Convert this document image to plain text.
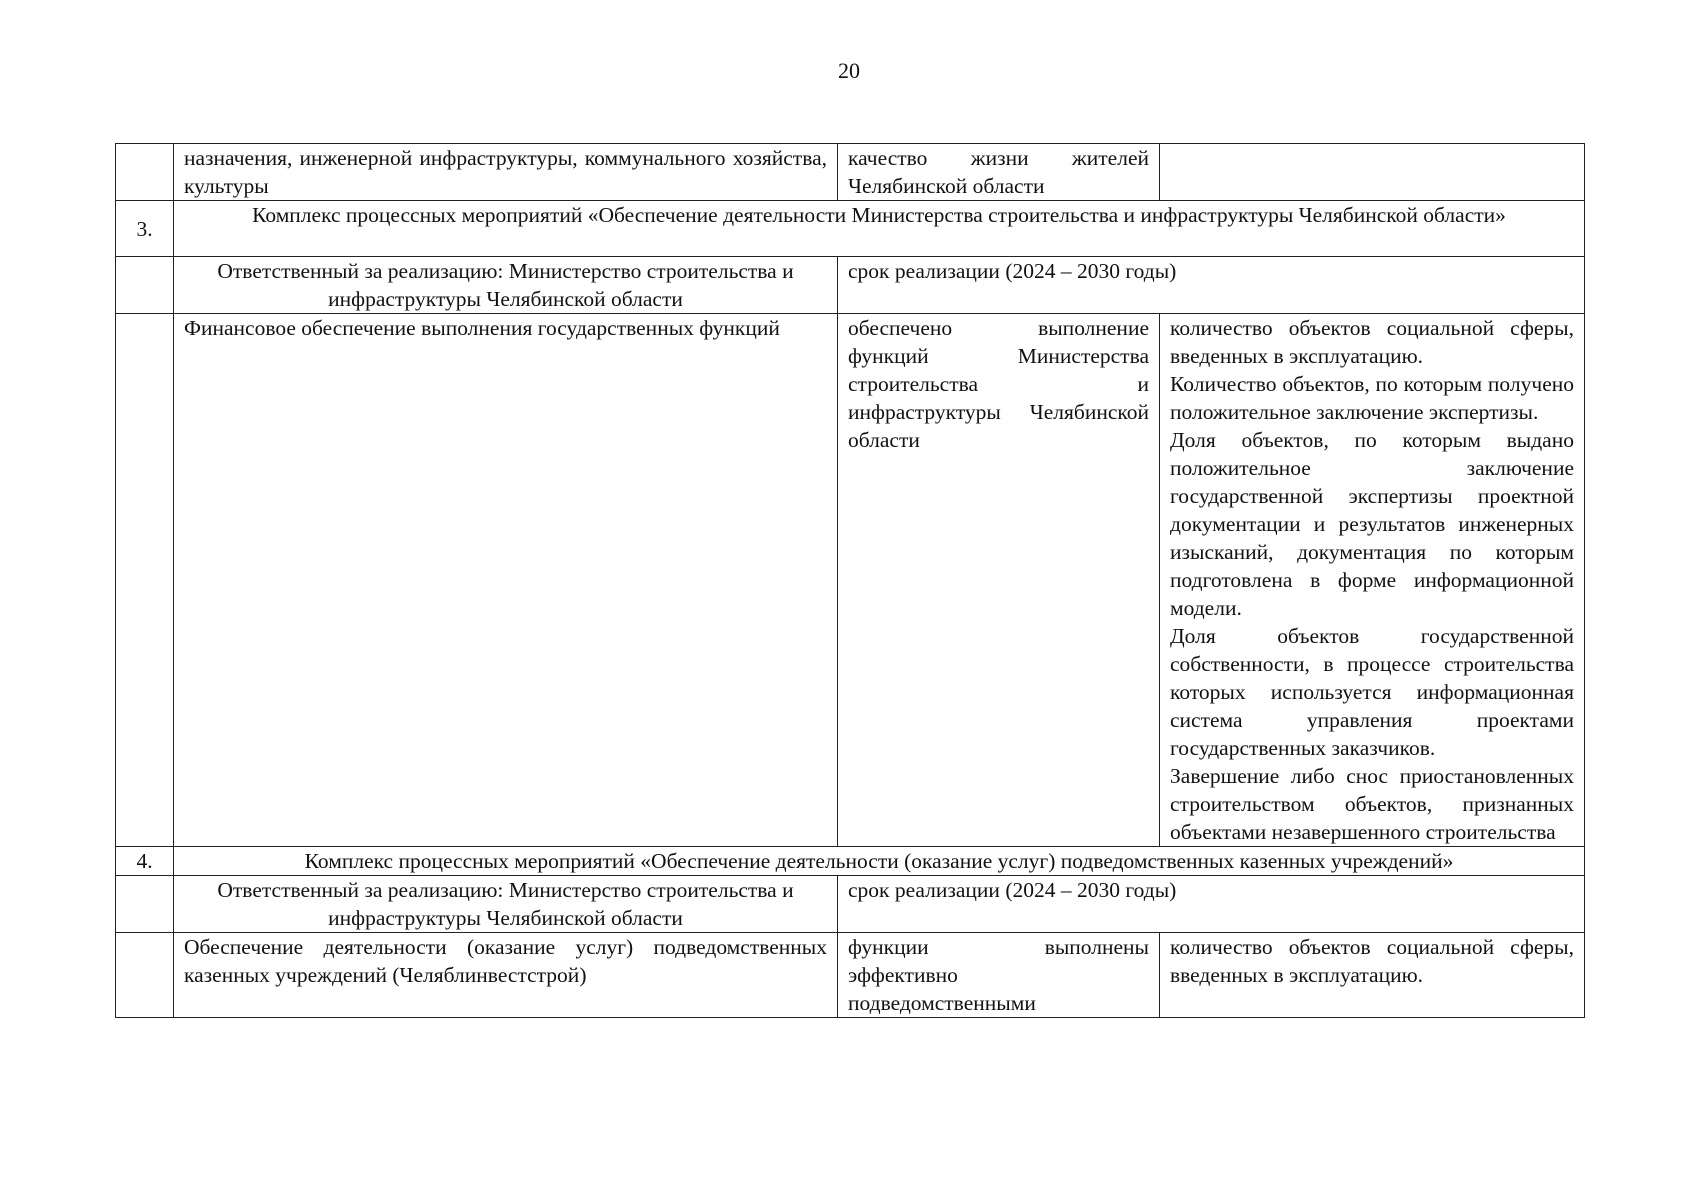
20
	назначения, инженерной инфраструктуры, коммунального хозяйства, культуры	качество жизни жителей Челябинской области	
3.	Комплекс процессных мероприятий «Обеспечение деятельности Министерства строительства и инфраструктуры Челябинской области»		
	Ответственный за реализацию: Министерство строительства и инфраструктуры Челябинской области	срок реализации (2024 – 2030 годы)	
	Финансовое обеспечение выполнения государственных функций	обеспечено выполнение функций Министерства строительства и инфраструктуры Челябинской области	количество объектов социальной сферы, введенных в эксплуатацию.
Количество объектов, по которым получено положительное заключение экспертизы.
Доля объектов, по которым выдано положительное заключение государственной экспертизы проектной документации и результатов инженерных изысканий, документация по которым подготовлена в форме информационной модели.
Доля объектов государственной собственности, в процессе строительства которых используется информационная система управления проектами государственных заказчиков.
Завершение либо снос приостановленных строительством объектов, признанных объектами незавершенного строительства

4.	Комплекс процессных мероприятий «Обеспечение деятельности (оказание услуг) подведомственных казенных учреждений»		
	Ответственный за реализацию: Министерство строительства и инфраструктуры Челябинской области	срок реализации (2024 – 2030 годы)	
	Обеспечение деятельности (оказание услуг) подведомственных казенных учреждений (Челяблинвестстрой)	функции выполнены эффективно подведомственными	количество объектов социальной сферы, введенных в эксплуатацию.
